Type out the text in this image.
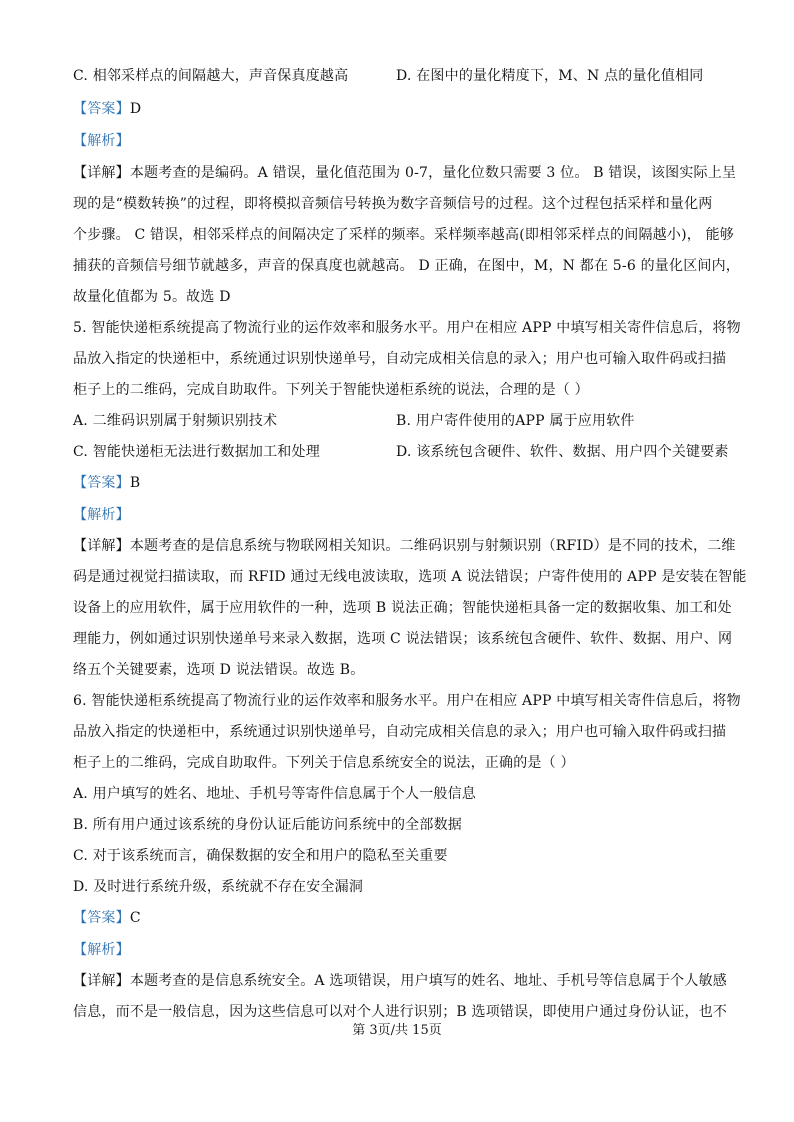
C. 相邻采样点的间隔越大，声音保真度越高	D. 在图中的量化精度下，M、N 点的量化值相同
【答案】D
【解析】
【详解】本题考查的是编码。A 错误，量化值范围为 0-7，量化位数只需要 3 位。 B 错误，该图实际上呈
现的是“模数转换”的过程，即将模拟音频信号转换为数字音频信号的过程。这个过程包括采样和量化两
个步骤。 C 错误，相邻采样点的间隔决定了采样的频率。采样频率越高(即相邻采样点的间隔越小)， 能够
捕获的音频信号细节就越多，声音的保真度也就越高。 D 正确，在图中，M，N 都在 5-6 的量化区间内，
故量化值都为 5。故选 D
5. 智能快递柜系统提高了物流行业的运作效率和服务水平。用户在相应 APP 中填写相关寄件信息后，将物
品放入指定的快递柜中，系统通过识别快递单号，自动完成相关信息的录入；用户也可输入取件码或扫描
柜子上的二维码，完成自助取件。下列关于智能快递柜系统的说法，合理的是（ ）
A. 二维码识别属于射频识别技术	B. 用户寄件使用的APP 属于应用软件
C. 智能快递柜无法进行数据加工和处理	D. 该系统包含硬件、软件、数据、用户四个关键要素
【答案】B
【解析】
【详解】本题考查的是信息系统与物联网相关知识。二维码识别与射频识别（RFID）是不同的技术，二维
码是通过视觉扫描读取，而 RFID 通过无线电波读取，选项 A 说法错误；户寄件使用的 APP 是安装在智能
设备上的应用软件，属于应用软件的一种，选项 B 说法正确；智能快递柜具备一定的数据收集、加工和处
理能力，例如通过识别快递单号来录入数据，选项 C 说法错误；该系统包含硬件、软件、数据、用户、网
络五个关键要素，选项 D 说法错误。故选 B。
6. 智能快递柜系统提高了物流行业的运作效率和服务水平。用户在相应 APP 中填写相关寄件信息后，将物
品放入指定的快递柜中，系统通过识别快递单号，自动完成相关信息的录入；用户也可输入取件码或扫描
柜子上的二维码，完成自助取件。下列关于信息系统安全的说法，正确的是（ ）
A. 用户填写的姓名、地址、手机号等寄件信息属于个人一般信息
B. 所有用户通过该系统的身份认证后能访问系统中的全部数据
C. 对于该系统而言，确保数据的安全和用户的隐私至关重要
D. 及时进行系统升级，系统就不存在安全漏洞
【答案】C
【解析】
【详解】本题考查的是信息系统安全。A 选项错误，用户填写的姓名、地址、手机号等信息属于个人敏感
信息，而不是一般信息，因为这些信息可以对个人进行识别；B 选项错误，即使用户通过身份认证，也不
第 3页/共 15页
